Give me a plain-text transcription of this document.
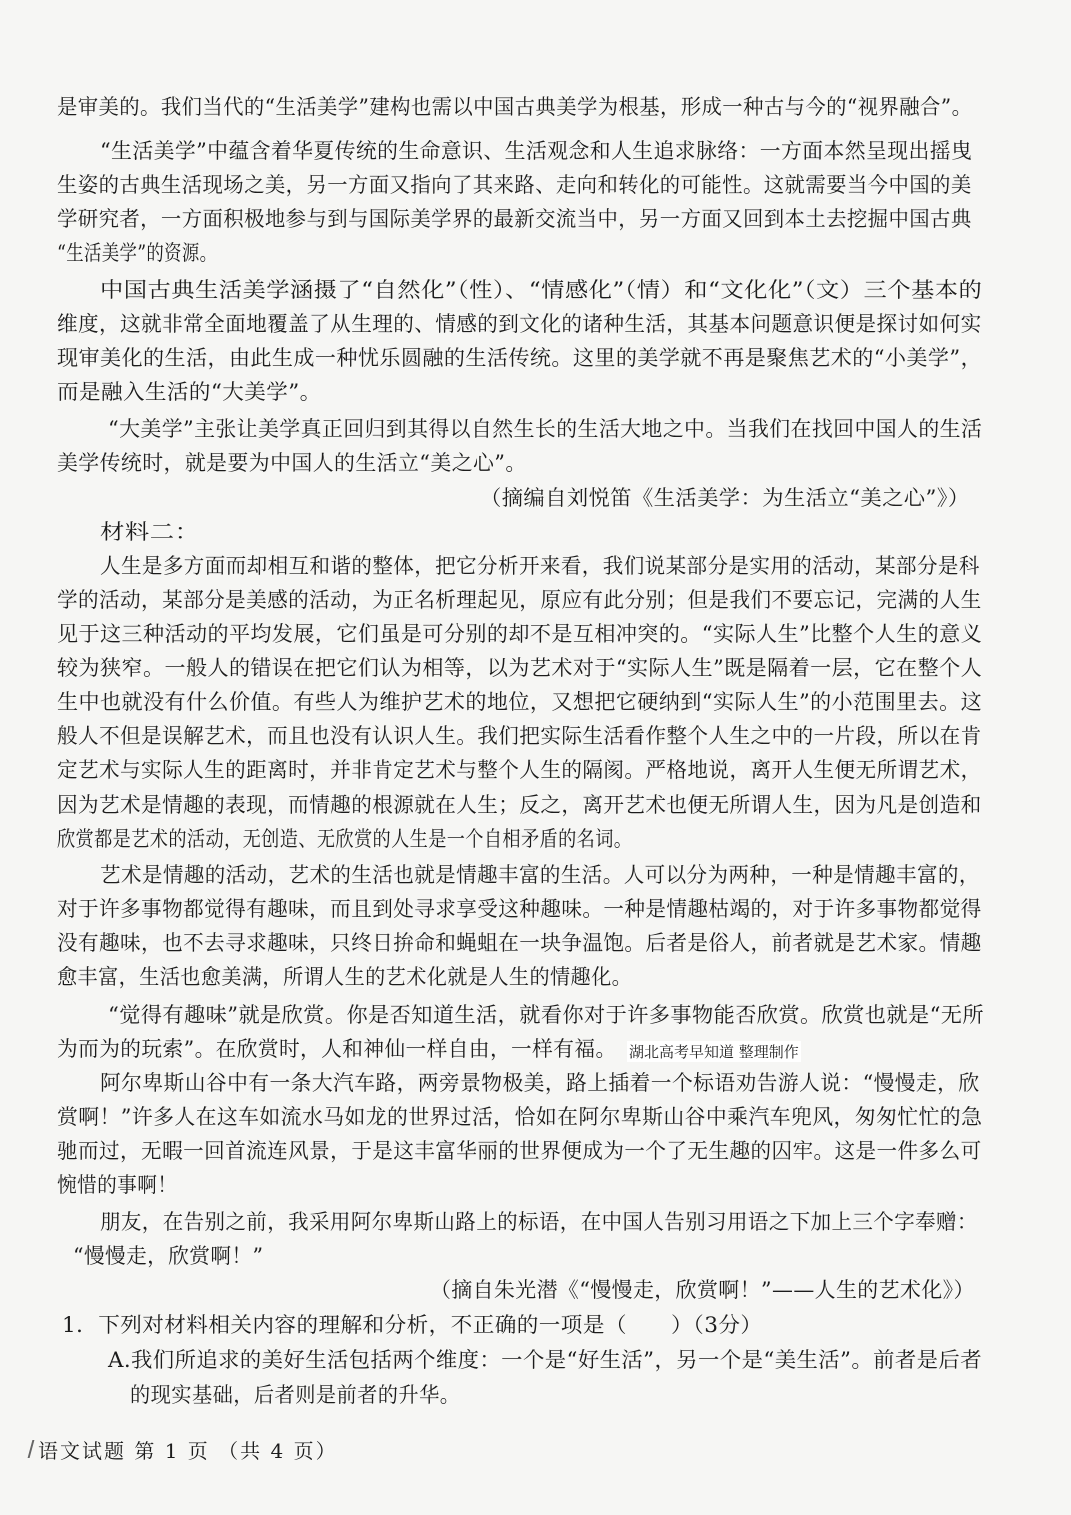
是审美的。我们当代的“生活美学”建构也需以中国古典美学为根基，形成一种古与今的“视界融合”。
“生活美学”中蕴含着华夏传统的生命意识、生活观念和人生追求脉络：一方面本然呈现出摇曳
生姿的古典生活现场之美，另一方面又指向了其来路、走向和转化的可能性。这就需要当今中国的美
学研究者，一方面积极地参与到与国际美学界的最新交流当中，另一方面又回到本土去挖掘中国古典
“生活美学”的资源。
中国古典生活美学涵摄了“自然化”（性）、“情感化”（情）和“文化化”（文）三个基本的
维度，这就非常全面地覆盖了从生理的、情感的到文化的诸种生活，其基本问题意识便是探讨如何实
现审美化的生活，由此生成一种忧乐圆融的生活传统。这里的美学就不再是聚焦艺术的“小美学”，
而是融入生活的“大美学”。
“大美学”主张让美学真正回归到其得以自然生长的生活大地之中。当我们在找回中国人的生活
美学传统时，就是要为中国人的生活立“美之心”。
（摘编自刘悦笛《生活美学：为生活立“美之心”》）
材料二：
人生是多方面而却相互和谐的整体，把它分析开来看，我们说某部分是实用的活动，某部分是科
学的活动，某部分是美感的活动，为正名析理起见，原应有此分别；但是我们不要忘记，完满的人生
见于这三种活动的平均发展，它们虽是可分别的却不是互相冲突的。“实际人生”比整个人生的意义
较为狭窄。一般人的错误在把它们认为相等，以为艺术对于“实际人生”既是隔着一层，它在整个人
生中也就没有什么价值。有些人为维护艺术的地位，又想把它硬纳到“实际人生”的小范围里去。这
般人不但是误解艺术，而且也没有认识人生。我们把实际生活看作整个人生之中的一片段，所以在肯
定艺术与实际人生的距离时，并非肯定艺术与整个人生的隔阂。严格地说，离开人生便无所谓艺术，
因为艺术是情趣的表现，而情趣的根源就在人生；反之，离开艺术也便无所谓人生，因为凡是创造和
欣赏都是艺术的活动，无创造、无欣赏的人生是一个自相矛盾的名词。
艺术是情趣的活动，艺术的生活也就是情趣丰富的生活。人可以分为两种，一种是情趣丰富的，
对于许多事物都觉得有趣味，而且到处寻求享受这种趣味。一种是情趣枯竭的，对于许多事物都觉得
没有趣味，也不去寻求趣味，只终日拚命和蝇蛆在一块争温饱。后者是俗人，前者就是艺术家。情趣
愈丰富，生活也愈美满，所谓人生的艺术化就是人生的情趣化。
“觉得有趣味”就是欣赏。你是否知道生活，就看你对于许多事物能否欣赏。欣赏也就是“无所
为而为的玩索”。在欣赏时，人和神仙一样自由，一样有福。
阿尔卑斯山谷中有一条大汽车路，两旁景物极美，路上插着一个标语劝告游人说：“慢慢走，欣
赏啊！”许多人在这车如流水马如龙的世界过活，恰如在阿尔卑斯山谷中乘汽车兜风，匆匆忙忙的急
驰而过，无暇一回首流连风景，于是这丰富华丽的世界便成为一个了无生趣的囚牢。这是一件多么可
惋惜的事啊！
朋友，在告别之前，我采用阿尔卑斯山路上的标语，在中国人告别习用语之下加上三个字奉赠：
“慢慢走，欣赏啊！”
（摘自朱光潜《“慢慢走，欣赏啊！”——人生的艺术化》）
1．下列对材料相关内容的理解和分析，不正确的一项是（　　）（3分）
A.我们所追求的美好生活包括两个维度：一个是“好生活”，另一个是“美生活”。前者是后者
的现实基础，后者则是前者的升华。
湖北高考早知道 整理制作
语文试题 第 1 页 （共 4 页）
